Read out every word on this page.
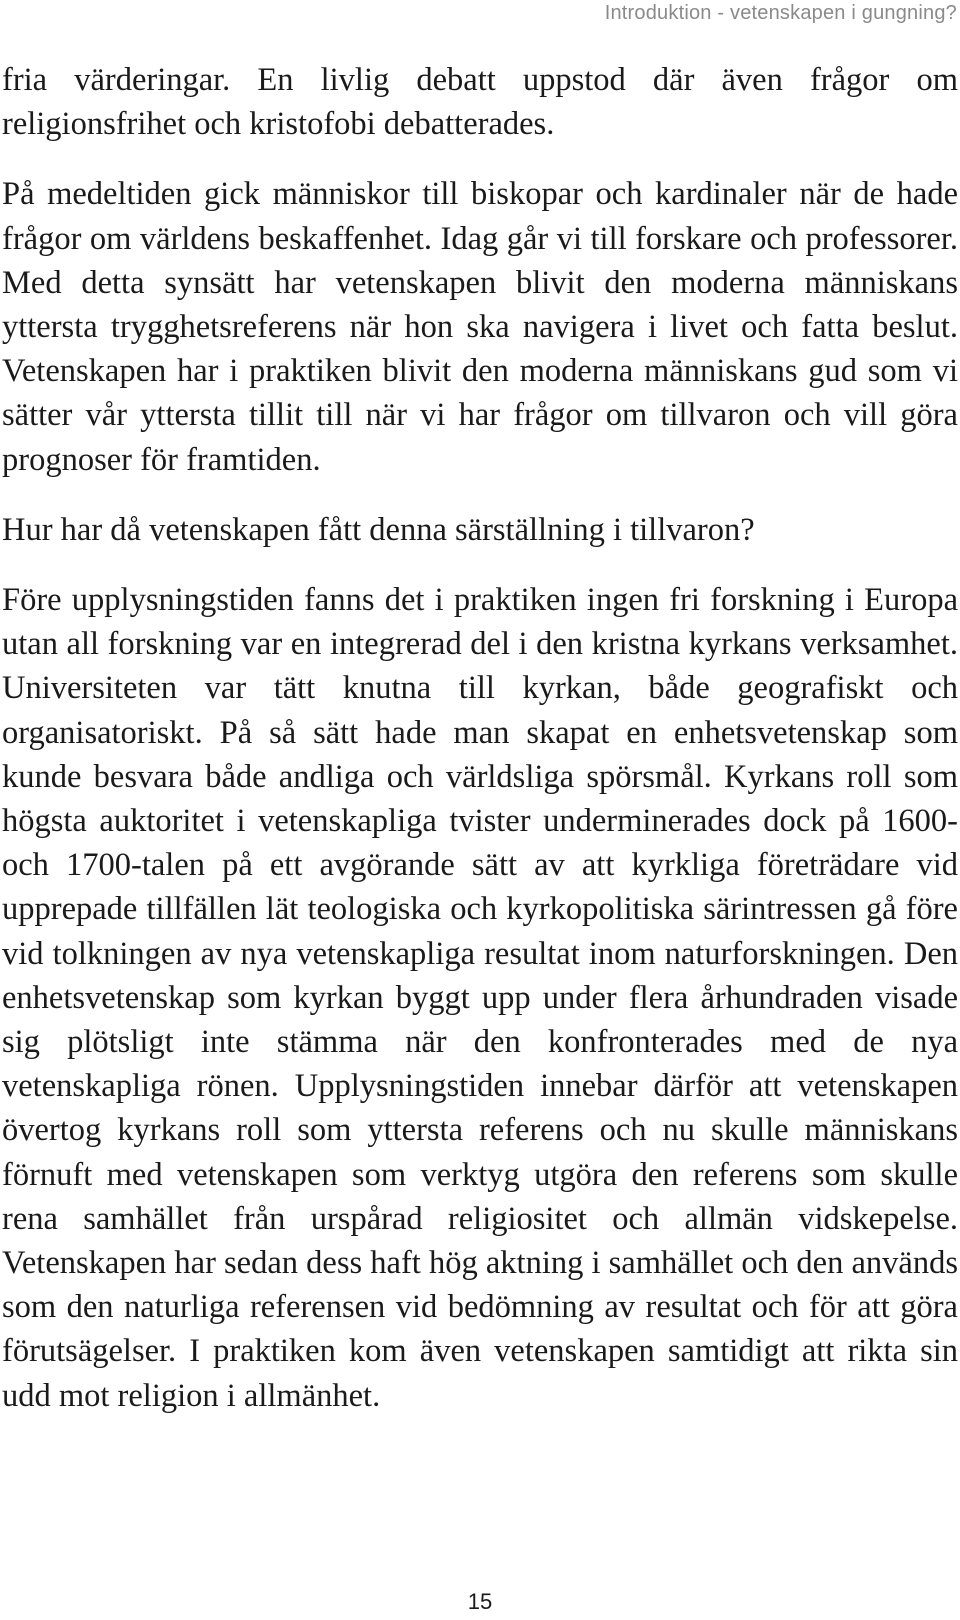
Introduktion - vetenskapen i gungning?

fria värderingar. En livlig debatt uppstod där även frågor om religionsfrihet och kristofobi debatterades.

På medeltiden gick människor till biskopar och kardinaler när de hade frågor om världens beskaffenhet. Idag går vi till forskare och professorer. Med detta synsätt har vetenskapen blivit den moderna människans yttersta trygghetsreferens när hon ska navigera i livet och fatta beslut. Vetenskapen har i praktiken blivit den moderna människans gud som vi sätter vår yttersta tillit till när vi har frågor om tillvaron och vill göra prognoser för framtiden.

Hur har då vetenskapen fått denna särställning i tillvaron?

Före upplysningstiden fanns det i praktiken ingen fri forskning i Europa utan all forskning var en integrerad del i den kristna kyrkans verksamhet. Universiteten var tätt knutna till kyrkan, både geografiskt och organisatoriskt. På så sätt hade man skapat en enhetsvetenskap som kunde besvara både andliga och världsliga spörsmål. Kyrkans roll som högsta auktoritet i vetenskapliga tvister underminerades dock på 1600- och 1700-talen på ett avgörande sätt av att kyrkliga företrädare vid upprepade tillfällen lät teologiska och kyrkopolitiska särintressen gå före vid tolkningen av nya vetenskapliga resultat inom naturforskningen. Den enhetsvetenskap som kyrkan byggt upp under flera århundraden visade sig plötsligt inte stämma när den konfronterades med de nya vetenskapliga rönen. Upplysningstiden innebar därför att vetenskapen övertog kyrkans roll som yttersta referens och nu skulle människans förnuft med vetenskapen som verktyg utgöra den referens som skulle rena samhället från urspårad religiositet och allmän vidskepelse. Vetenskapen har sedan dess haft hög aktning i samhället och den används som den naturliga referensen vid bedömning av resultat och för att göra förutsägelser. I praktiken kom även vetenskapen samtidigt att rikta sin udd mot religion i allmänhet.

15
